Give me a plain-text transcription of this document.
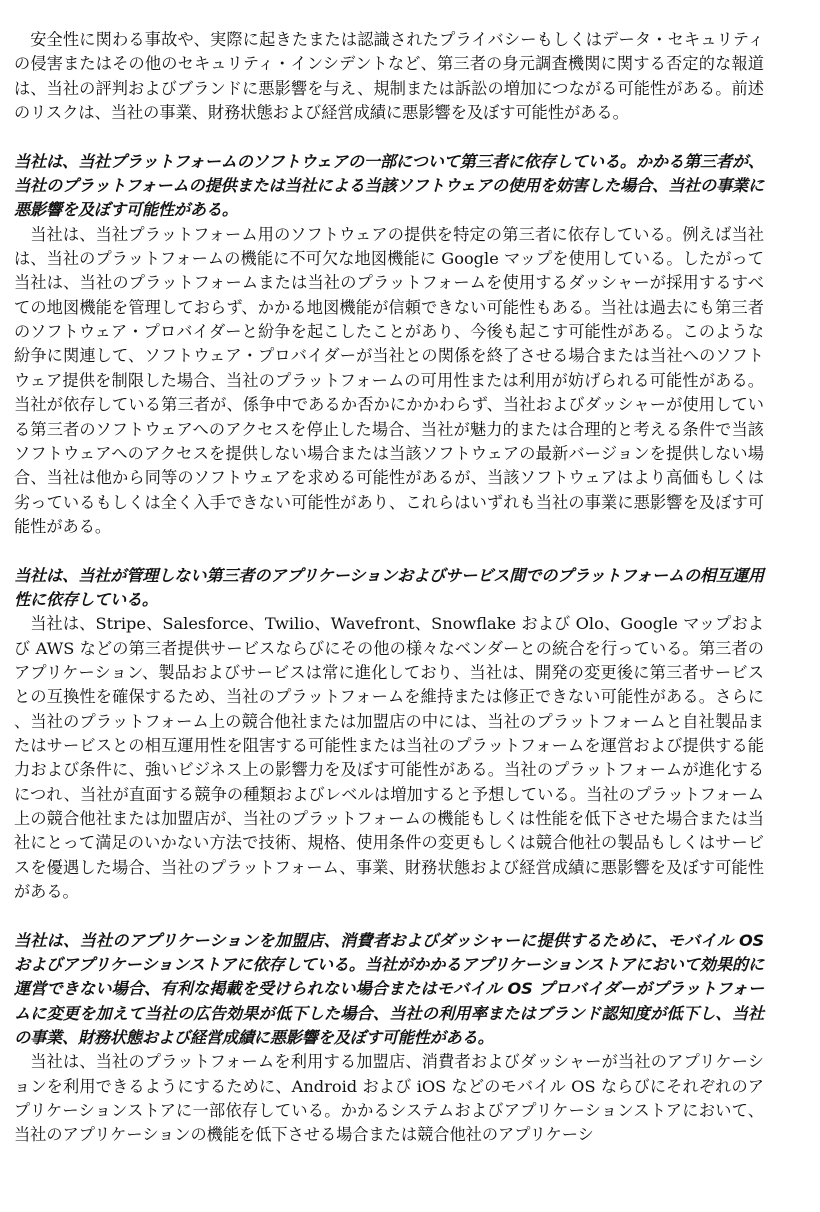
安全性に関わる事故や、実際に起きたまたは認識されたプライバシーもしくはデータ・セキュリティの侵害またはその他のセキュリティ・インシデントなど、第三者の身元調査機関に関する否定的な報道は、当社の評判およびブランドに悪影響を与え、規制または訴訟の増加につながる可能性がある。前述のリスクは、当社の事業、財務状態および経営成績に悪影響を及ぼす可能性がある。

当社は、当社プラットフォームのソフトウェアの一部について第三者に依存している。かかる第三者が、当社のプラットフォームの提供または当社による当該ソフトウェアの使用を妨害した場合、当社の事業に悪影響を及ぼす可能性がある。

当社は、当社プラットフォーム用のソフトウェアの提供を特定の第三者に依存している。例えば当社は、当社のプラットフォームの機能に不可欠な地図機能に Google マップを使用している。したがって当社は、当社のプラットフォームまたは当社のプラットフォームを使用するダッシャーが採用するすべての地図機能を管理しておらず、かかる地図機能が信頼できない可能性もある。当社は過去にも第三者のソフトウェア・プロバイダーと紛争を起こしたことがあり、今後も起こす可能性がある。このような紛争に関連して、ソフトウェア・プロバイダーが当社との関係を終了させる場合または当社へのソフトウェア提供を制限した場合、当社のプラットフォームの可用性または利用が妨げられる可能性がある。当社が依存している第三者が、係争中であるか否かにかかわらず、当社およびダッシャーが使用している第三者のソフトウェアへのアクセスを停止した場合、当社が魅力的または合理的と考える条件で当該ソフトウェアへのアクセスを提供しない場合または当該ソフトウェアの最新バージョンを提供しない場合、当社は他から同等のソフトウェアを求める可能性があるが、当該ソフトウェアはより高価もしくは劣っているもしくは全く入手できない可能性があり、これらはいずれも当社の事業に悪影響を及ぼす可能性がある。

当社は、当社が管理しない第三者のアプリケーションおよびサービス間でのプラットフォームの相互運用性に依存している。

当社は、Stripe、Salesforce、Twilio、Wavefront、Snowflake および Olo、Google マップおよび AWS などの第三者提供サービスならびにその他の様々なベンダーとの統合を行っている。第三者のアプリケーション、製品およびサービスは常に進化しており、当社は、開発の変更後に第三者サービスとの互換性を確保するため、当社のプラットフォームを維持または修正できない可能性がある。さらに、当社のプラットフォーム上の競合他社または加盟店の中には、当社のプラットフォームと自社製品またはサービスとの相互運用性を阻害する可能性または当社のプラットフォームを運営および提供する能力および条件に、強いビジネス上の影響力を及ぼす可能性がある。当社のプラットフォームが進化するにつれ、当社が直面する競争の種類およびレベルは増加すると予想している。当社のプラットフォーム上の競合他社または加盟店が、当社のプラットフォームの機能もしくは性能を低下させた場合または当社にとって満足のいかない方法で技術、規格、使用条件の変更もしくは競合他社の製品もしくはサービスを優遇した場合、当社のプラットフォーム、事業、財務状態および経営成績に悪影響を及ぼす可能性がある。

当社は、当社のアプリケーションを加盟店、消費者およびダッシャーに提供するために、モバイル OS およびアプリケーションストアに依存している。当社がかかるアプリケーションストアにおいて効果的に運営できない場合、有利な掲載を受けられない場合またはモバイル OS プロバイダーがプラットフォームに変更を加えて当社の広告効果が低下した場合、当社の利用率またはブランド認知度が低下し、当社の事業、財務状態および経営成績に悪影響を及ぼす可能性がある。

当社は、当社のプラットフォームを利用する加盟店、消費者およびダッシャーが当社のアプリケーションを利用できるようにするために、Android および iOS などのモバイル OS ならびにそれぞれのアプリケーションストアに一部依存している。かかるシステムおよびアプリケーションストアにおいて、当社のアプリケーションの機能を低下させる場合または競合他社のアプリケーシ
